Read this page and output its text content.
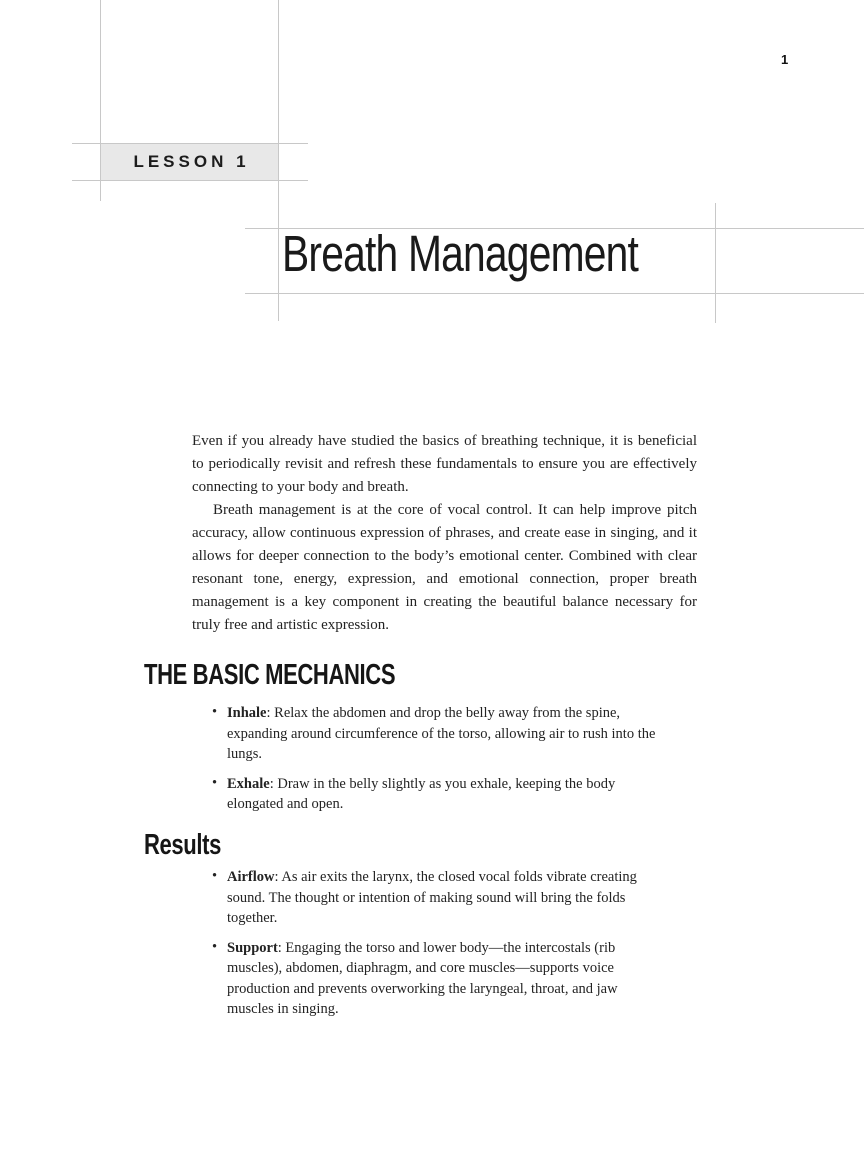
1
LESSON 1
Breath Management

Even if you already have studied the basics of breathing technique, it is beneficial to periodically revisit and refresh these fundamentals to ensure you are effectively connecting to your body and breath.

Breath management is at the core of vocal control. It can help improve pitch accuracy, allow continuous expression of phrases, and create ease in singing, and it allows for deeper connection to the body’s emotional center. Combined with clear resonant tone, energy, expression, and emotional connection, proper breath management is a key component in creating the beautiful balance necessary for truly free and artistic expression.

THE BASIC MECHANICS
• Inhale: Relax the abdomen and drop the belly away from the spine, expanding around circumference of the torso, allowing air to rush into the lungs.
• Exhale: Draw in the belly slightly as you exhale, keeping the body elongated and open.
Results
• Airflow: As air exits the larynx, the closed vocal folds vibrate creating sound. The thought or intention of making sound will bring the folds together.
• Support: Engaging the torso and lower body—the intercostals (rib muscles), abdomen, diaphragm, and core muscles—supports voice production and prevents overworking the laryngeal, throat, and jaw muscles in singing.
